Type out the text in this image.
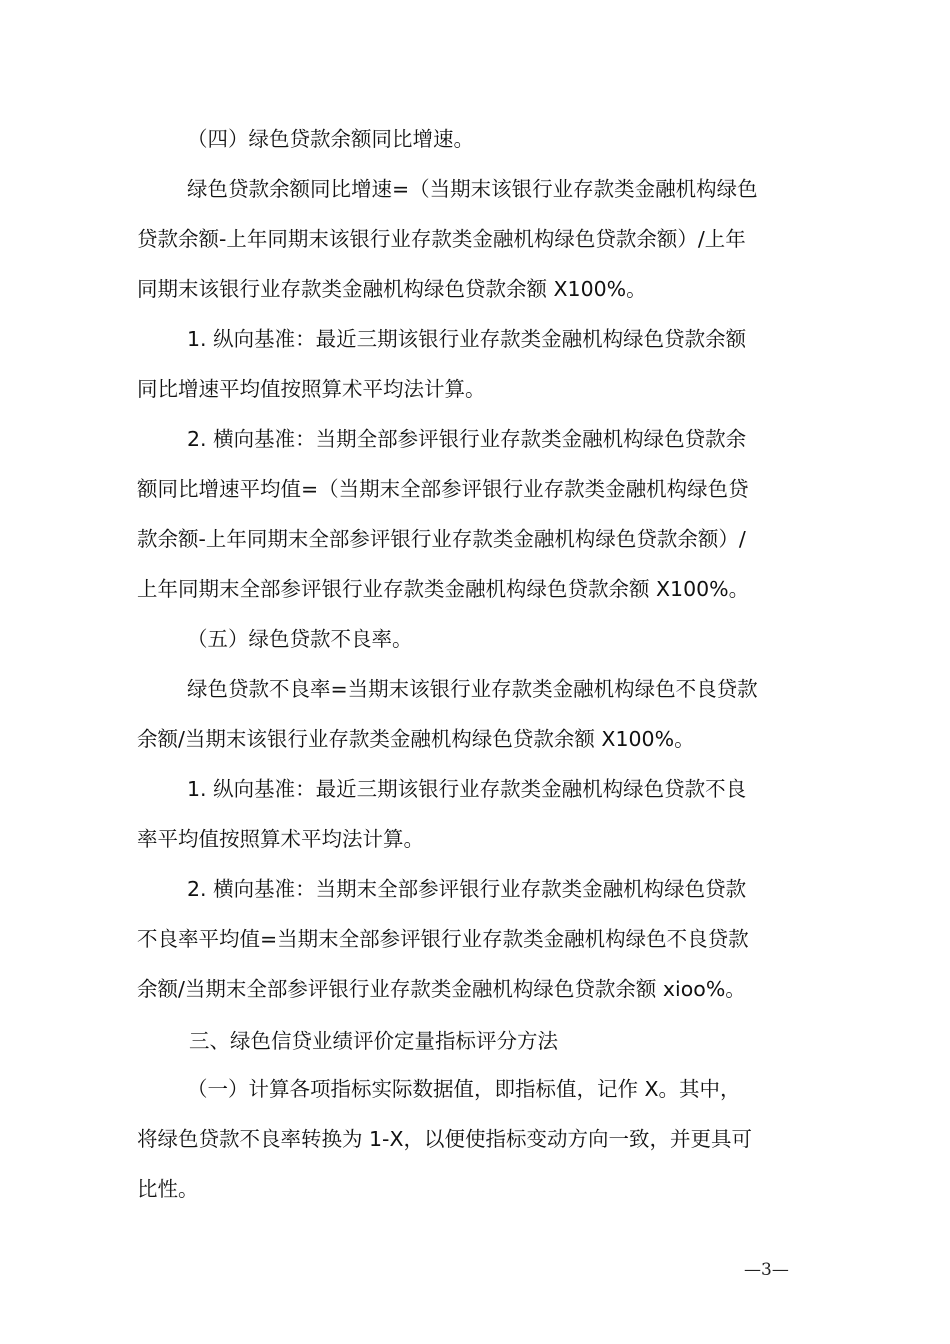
（四）绿色贷款余额同比增速。
绿色贷款余额同比增速=（当期末该银行业存款类金融机构绿色
贷款余额-上年同期末该银行业存款类金融机构绿色贷款余额）/上年
同期末该银行业存款类金融机构绿色贷款余额 X100%。
1. 纵向基准：最近三期该银行业存款类金融机构绿色贷款余额
同比增速平均值按照算术平均法计算。
2. 横向基准：当期全部参评银行业存款类金融机构绿色贷款余
额同比增速平均值=（当期末全部参评银行业存款类金融机构绿色贷
款余额-上年同期末全部参评银行业存款类金融机构绿色贷款余额）/
上年同期末全部参评银行业存款类金融机构绿色贷款余额 X100%。
（五）绿色贷款不良率。
绿色贷款不良率=当期末该银行业存款类金融机构绿色不良贷款
余额/当期末该银行业存款类金融机构绿色贷款余额 X100%。
1. 纵向基准：最近三期该银行业存款类金融机构绿色贷款不良
率平均值按照算术平均法计算。
2. 横向基准：当期末全部参评银行业存款类金融机构绿色贷款
不良率平均值=当期末全部参评银行业存款类金融机构绿色不良贷款
余额/当期末全部参评银行业存款类金融机构绿色贷款余额 xioo%。
三、绿色信贷业绩评价定量指标评分方法
（一）计算各项指标实际数据值，即指标值，记作 X。其中，
将绿色贷款不良率转换为 1-X，以便使指标变动方向一致，并更具可
比性。
—3—
